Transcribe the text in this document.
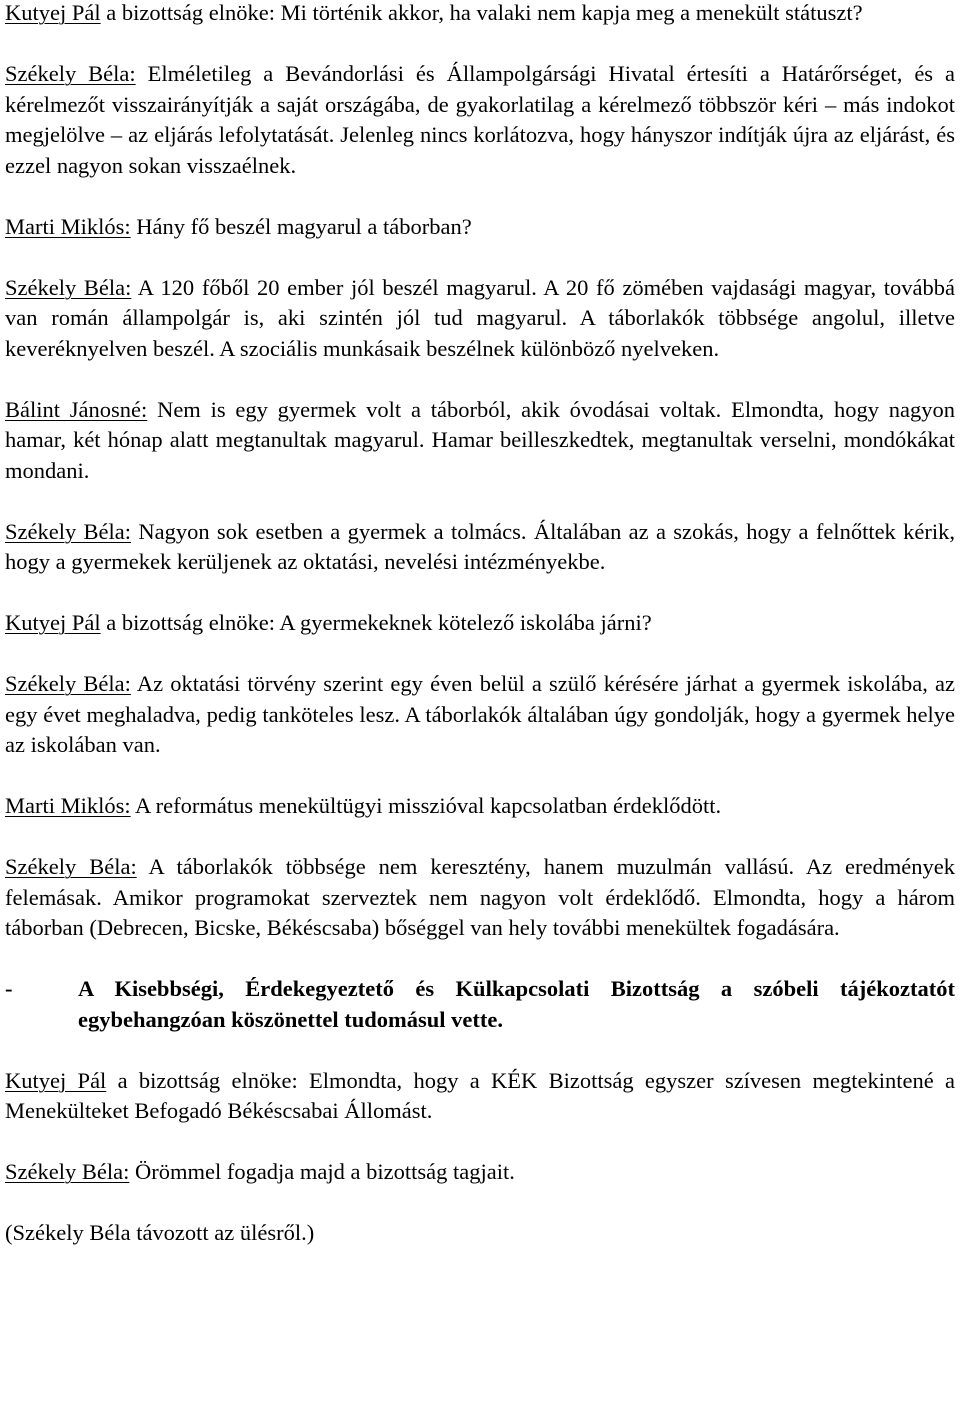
Kutyej Pál a bizottság elnöke: Mi történik akkor, ha valaki nem kapja meg a menekült státuszt?

Székely Béla: Elméletileg a Bevándorlási és Állampolgársági Hivatal értesíti a Határőrséget, és a kérelmezőt visszairányítják a saját országába, de gyakorlatilag a kérelmező többször kéri – más indokot megjelölve – az eljárás lefolytatását. Jelenleg nincs korlátozva, hogy hányszor indítják újra az eljárást, és ezzel nagyon sokan visszaélnek.

Marti Miklós: Hány fő beszél magyarul a táborban?

Székely Béla: A 120 főből 20 ember jól beszél magyarul. A 20 fő zömében vajdasági magyar, továbbá van román állampolgár is, aki szintén jól tud magyarul. A táborlakók többsége angolul, illetve keveréknyelven beszél. A szociális munkásaik beszélnek különböző nyelveken.

Bálint Jánosné: Nem is egy gyermek volt a táborból, akik óvodásai voltak. Elmondta, hogy nagyon hamar, két hónap alatt megtanultak magyarul. Hamar beilleszkedtek, megtanultak verselni, mondókákat mondani.

Székely Béla: Nagyon sok esetben a gyermek a tolmács. Általában az a szokás, hogy a felnőttek kérik, hogy a gyermekek kerüljenek az oktatási, nevelési intézményekbe.

Kutyej Pál a bizottság elnöke: A gyermekeknek kötelező iskolába járni?

Székely Béla: Az oktatási törvény szerint egy éven belül a szülő kérésére járhat a gyermek iskolába, az egy évet meghaladva, pedig tanköteles lesz. A táborlakók általában úgy gondolják, hogy a gyermek helye az iskolában van.

Marti Miklós: A református menekültügyi misszióval kapcsolatban érdeklődött.

Székely Béla: A táborlakók többsége nem keresztény, hanem muzulmán vallású. Az eredmények felemásak. Amikor programokat szerveztek nem nagyon volt érdeklődő. Elmondta, hogy a három táborban (Debrecen, Bicske, Békéscsaba) bőséggel van hely további menekültek fogadására.

-	A Kisebbségi, Érdekegyeztető és Külkapcsolati Bizottság a szóbeli tájékoztatót egybehangzóan köszönettel tudomásul vette.

Kutyej Pál a bizottság elnöke: Elmondta, hogy a KÉK Bizottság egyszer szívesen megtekintené a Menekülteket Befogadó Békéscsabai Állomást.

Székely Béla: Örömmel fogadja majd a bizottság tagjait.

(Székely Béla távozott az ülésről.)
